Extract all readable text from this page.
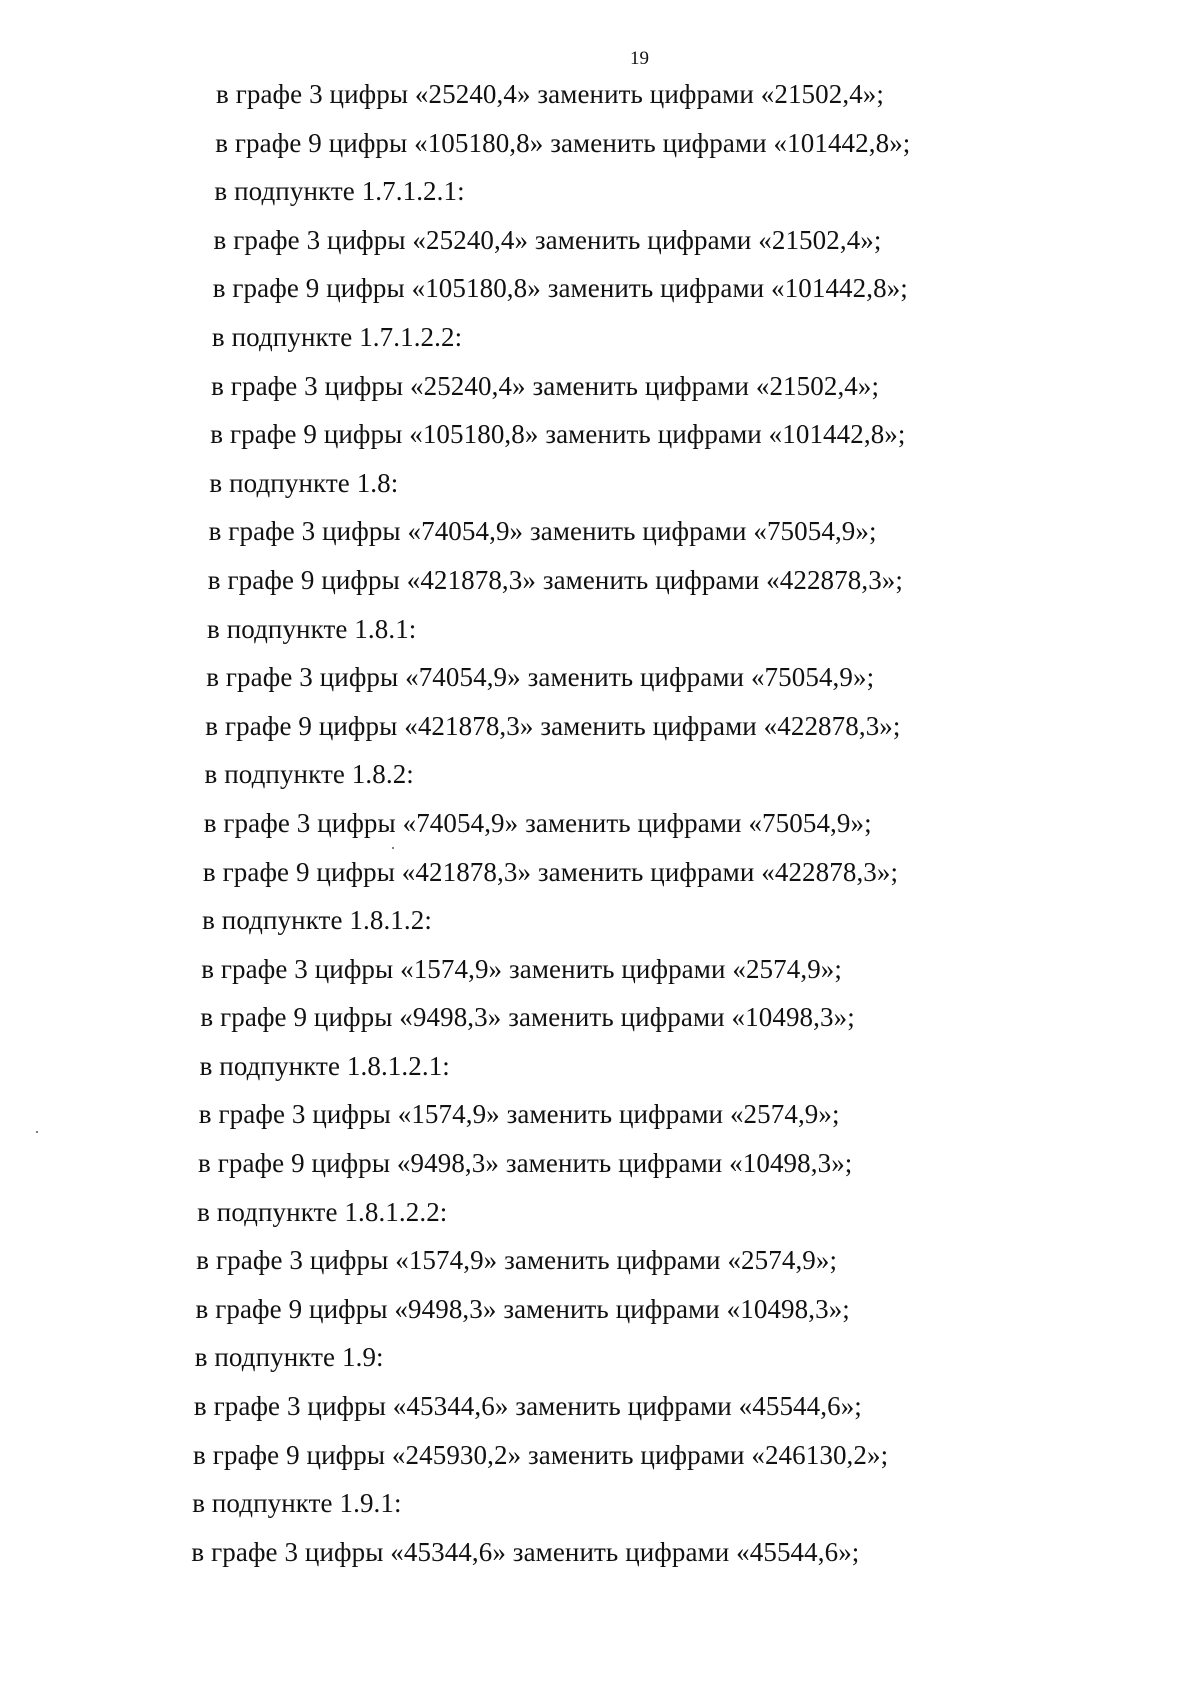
19
в графе 3 цифры «25240,4» заменить цифрами «21502,4»;
в графе 9 цифры «105180,8» заменить цифрами «101442,8»;
в подпункте 1.7.1.2.1:
в графе 3 цифры «25240,4» заменить цифрами «21502,4»;
в графе 9 цифры «105180,8» заменить цифрами «101442,8»;
в подпункте 1.7.1.2.2:
в графе 3 цифры «25240,4» заменить цифрами «21502,4»;
в графе 9 цифры «105180,8» заменить цифрами «101442,8»;
в подпункте 1.8:
в графе 3 цифры «74054,9» заменить цифрами «75054,9»;
в графе 9 цифры «421878,3» заменить цифрами «422878,3»;
в подпункте 1.8.1:
в графе 3 цифры «74054,9» заменить цифрами «75054,9»;
в графе 9 цифры «421878,3» заменить цифрами «422878,3»;
в подпункте 1.8.2:
в графе 3 цифры «74054,9» заменить цифрами «75054,9»;
в графе 9 цифры «421878,3» заменить цифрами «422878,3»;
в подпункте 1.8.1.2:
в графе 3 цифры «1574,9» заменить цифрами «2574,9»;
в графе 9 цифры «9498,3» заменить цифрами «10498,3»;
в подпункте 1.8.1.2.1:
в графе 3 цифры «1574,9» заменить цифрами «2574,9»;
в графе 9 цифры «9498,3» заменить цифрами «10498,3»;
в подпункте 1.8.1.2.2:
в графе 3 цифры «1574,9» заменить цифрами «2574,9»;
в графе 9 цифры «9498,3» заменить цифрами «10498,3»;
в подпункте 1.9:
в графе 3 цифры «45344,6» заменить цифрами «45544,6»;
в графе 9 цифры «245930,2» заменить цифрами «246130,2»;
в подпункте 1.9.1:
в графе 3 цифры «45344,6» заменить цифрами «45544,6»;
